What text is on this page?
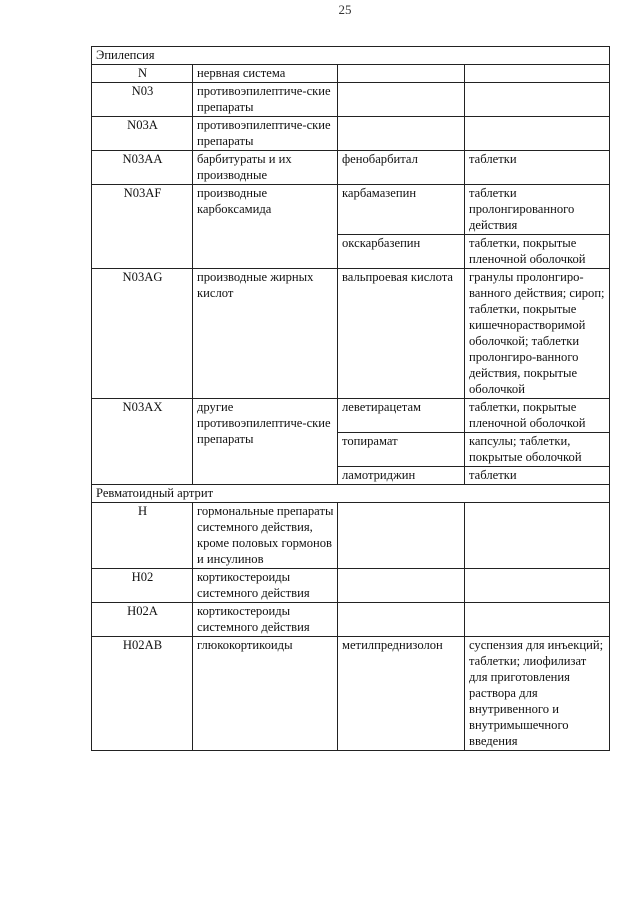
25
Эпилепсия			
N	нервная система		
N03	противоэпилептиче-ские препараты		
N03A	противоэпилептиче-ские препараты		
N03AA	барбитураты и их производные	фенобарбитал	таблетки
N03AF	производные карбоксамида	карбамазепин	таблетки пролонгированного действия
		окскарбазепин	таблетки, покрытые пленочной оболочкой
N03AG	производные жирных кислот	вальпроевая кислота	гранулы пролонгиро-ванного действия; сироп; таблетки, покрытые кишечнорастворимой оболочкой; таблетки пролонгиро-ванного действия, покрытые оболочкой
N03AX	другие противоэпилептиче-ские препараты	леветирацетам	таблетки, покрытые пленочной оболочкой
		топирамат	капсулы; таблетки, покрытые оболочкой
		ламотриджин	таблетки
Ревматоидный артрит			
H	гормональные препараты системного действия, кроме половых гормонов и инсулинов		
H02	кортикостероиды системного действия		
H02A	кортикостероиды системного действия		
H02AB	глюкокортикоиды	метилпреднизолон	суспензия для инъекций; таблетки; лиофилизат для приготовления раствора для внутривенного и внутримышечного введения
